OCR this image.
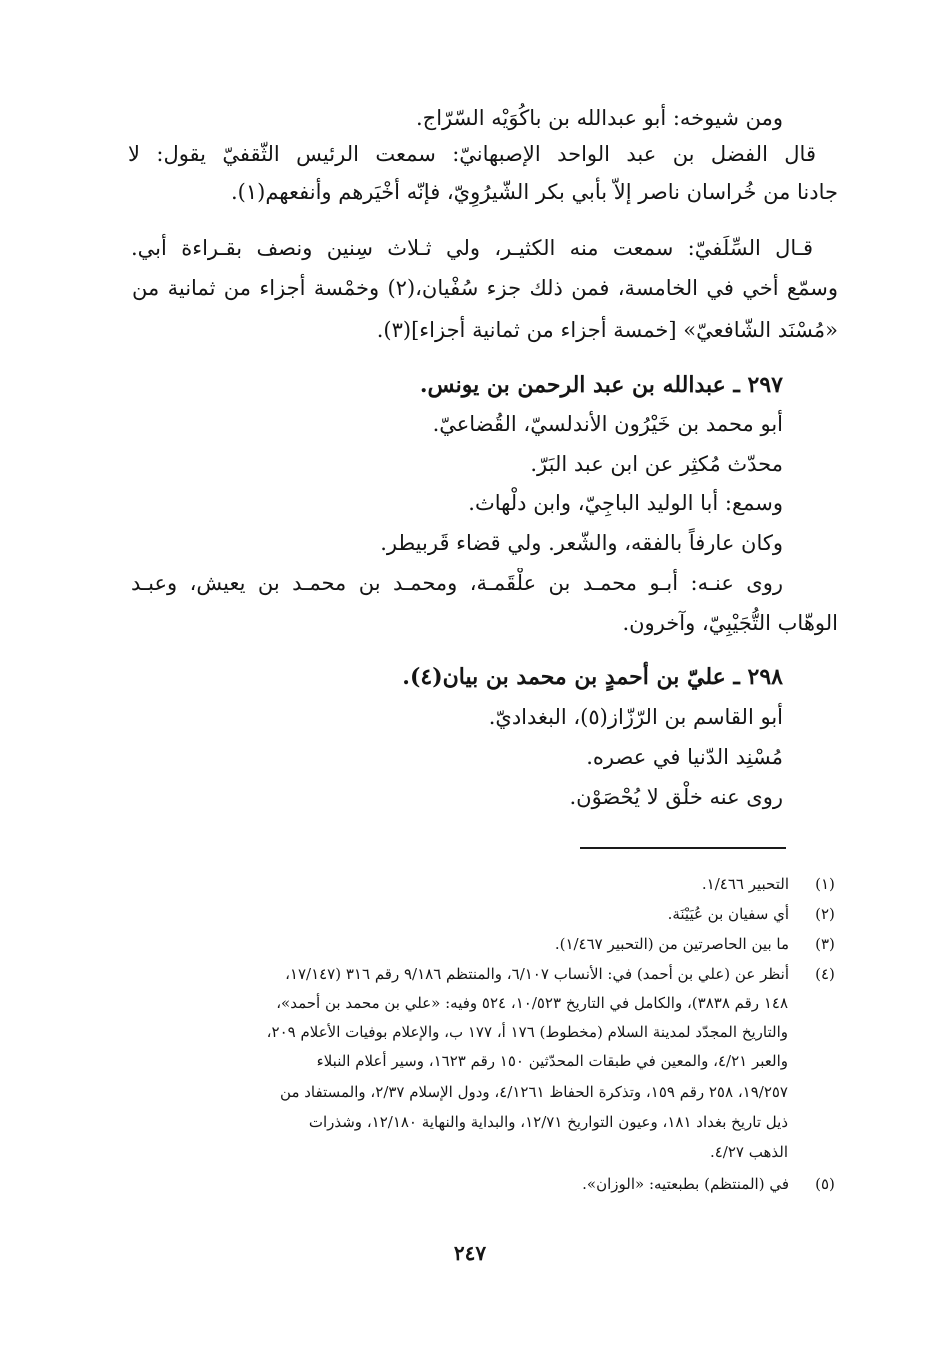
ومن شيوخه: أبو عبدالله بن باكُوَيْه السّرّاج.
قال الفضل بن عبد الواحد الإصبهانيّ: سمعت الرئيس الثّقفيّ يقول: لا
جادنا من خُراسان ناصر إلاّ بأبي بكر الشّيرُوِيّ، فإنّه أخْيَرهم وأنفعهم(١).
قـال السِّلَفيّ: سمعت منه الكثيـر، ولي ثـلاث سِنين ونصف بقـراءة أبي.
وسمّع أخي في الخامسة، فمن ذلك جزء سُفْيان،(٢) وخمْسة أجزاء من ثمانية من
«مُسْنَد الشّافعيّ» [خمسة أجزاء من ثمانية أجزاء](٣).
٢٩٧ ـ عبدالله بن عبد الرحمن بن يونس.
أبو محمد بن خَيْرُون الأندلسيّ، القُضاعيّ.
محدّث مُكثِر عن ابن عبد البَرّ.
وسمع: أبا الوليد الباجِيّ، وابن دلْهاث.
وكان عارفاً بالفقه، والشّعر. ولي قضاء قَربيطر.
روى عنـه: أبـو محمـد بن علْقَمـة، ومحمـد بن محمـد بن يعيش، وعبـد
الوهّاب التُّجَيْبِيّ، وآخرون.
٢٩٨ ـ عليّ بن أحمدٍ بن محمد بن بيان(٤).
أبو القاسم بن الرّزّاز(٥)، البغداديّ.
مُسْنِد الدّنيا في عصره.
روى عنه خلْق لا يُحْصَوْن.
(١)
التحبير ١/٤٦٦.
(٢)
أي سفيان بن عُيَيْنَة.
(٣)
ما بين الحاصرتين من (التحبير ١/٤٦٧).
(٤)
أنظر عن (علي بن أحمد) في: الأنساب ٦/١٠٧، والمنتظم ٩/١٨٦ رقم ٣١٦ (١٧/١٤٧،
١٤٨ رقم ٣٨٣٨)، والكامل في التاريخ ١٠/٥٢٣، ٥٢٤ وفيه: «علي بن محمد بن أحمد»،
والتاريخ المجدّد لمدينة السلام (مخطوط) ١٧٦ أ، ١٧٧ ب، والإعلام بوفيات الأعلام ٢٠٩،
والعبر ٤/٢١، والمعين في طبقات المحدّثين ١٥٠ رقم ١٦٢٣، وسير أعلام النبلاء
١٩/٢٥٧، ٢٥٨ رقم ١٥٩، وتذكرة الحفاظ ٤/١٢٦١، ودول الإسلام ٢/٣٧، والمستفاد من
ذيل تاريخ بغداد ١٨١، وعيون التواريخ ١٢/٧١، والبداية والنهاية ١٢/١٨٠، وشذرات
الذهب ٤/٢٧.
(٥)
في (المنتظم) بطبعتيه: «الوزان».
٢٤٧
